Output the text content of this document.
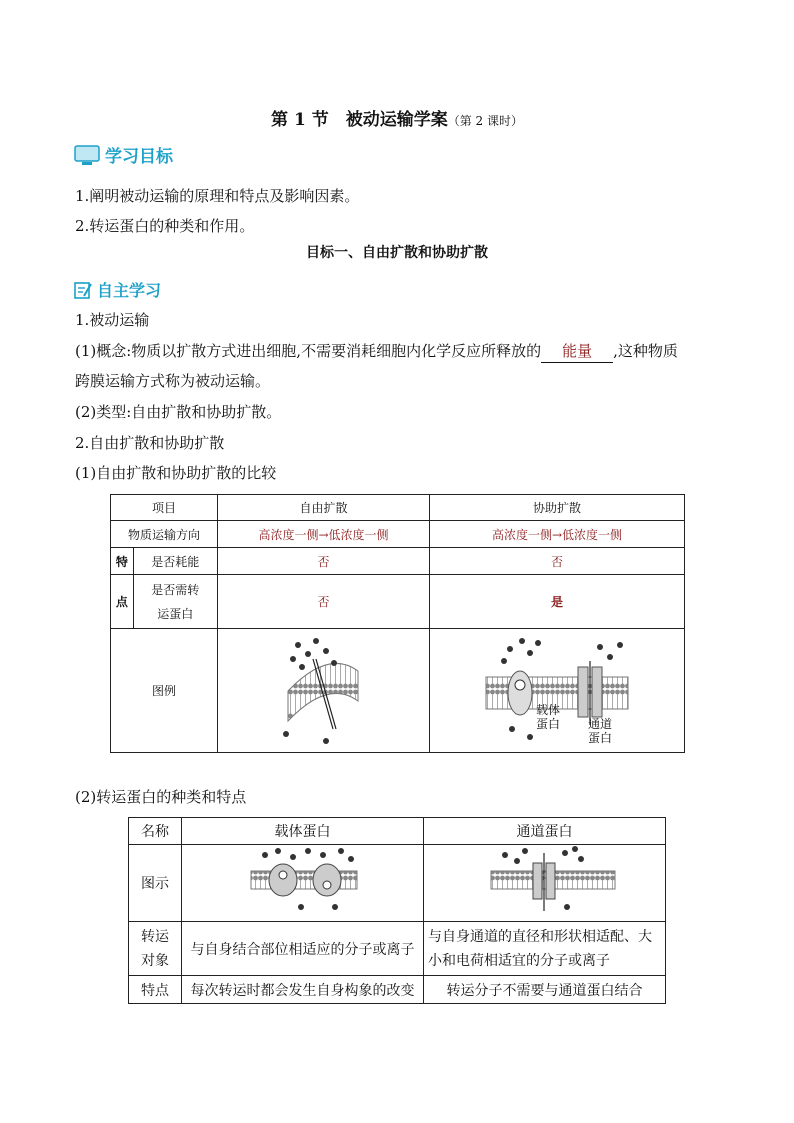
第 1 节　被动运输学案（第 2 课时）
学习目标
1.阐明被动运输的原理和特点及影响因素。
2.转运蛋白的种类和作用。
目标一、自由扩散和协助扩散
自主学习
1.被动运输
(1)概念:物质以扩散方式进出细胞,不需要消耗细胞内化学反应所释放的 能量 ,这种物质
跨膜运输方式称为被动运输。
(2)类型:自由扩散和协助扩散。
2.自由扩散和协助扩散
(1)自由扩散和协助扩散的比较
项目		自由扩散	协助扩散
物质运输方向		高浓度一侧→低浓度一侧	高浓度一侧→低浓度一侧
特	是否耗能	否	否
点	是否需转
运蛋白	否	是
图例			载体
蛋白 通道
蛋白
(2)转运蛋白的种类和特点
名称	载体蛋白	通道蛋白
图示		
转运
对象	与自身结合部位相适应的分子或离子	与自身通道的直径和形状相适配、大
小和电荷相适宜的分子或离子
特点	每次转运时都会发生自身构象的改变	转运分子不需要与通道蛋白结合
